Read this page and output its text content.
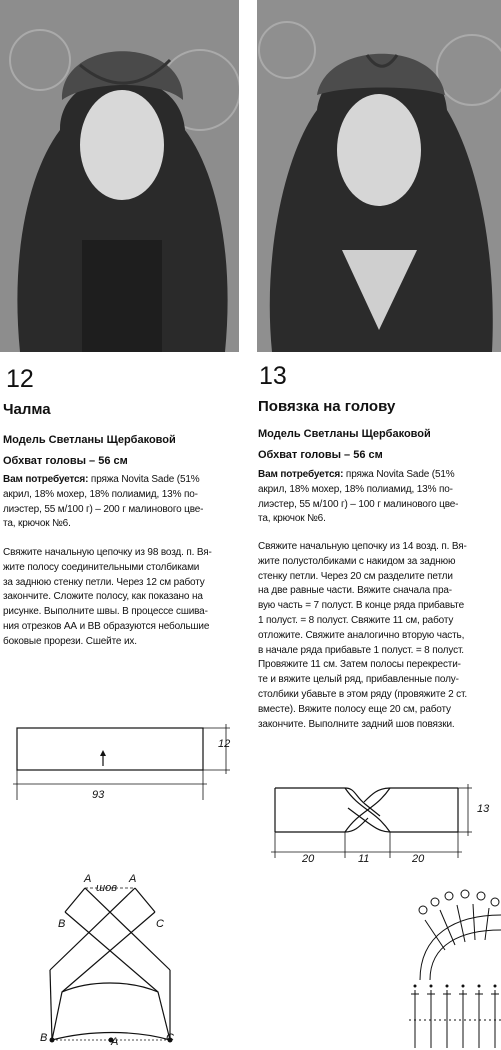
12
Чалма
Модель Светланы Щербаковой
Обхват головы – 56 см
Вам потребуется: пряжа Novita Sade (51%
акрил, 18% мохер, 18% полиамид, 13% по-
лиэстер, 55 м/100 г) – 200 г малинового цве-
та, крючок №6.
Свяжите начальную цепочку из 98 возд. п. Вя-
жите полосу соединительными столбиками
за заднюю стенку петли. Через 12 см работу
закончите. Сложите полосу, как показано на
рисунке. Выполните швы. В процессе сшива-
ния отрезков АА и ВВ образуются небольшие
боковые прорези. Сшейте их.
12
93
A
шов
A
B	C
B	A	C
13
Повязка на голову
Модель Светланы Щербаковой
Обхват головы – 56 см
Вам потребуется: пряжа Novita Sade (51%
акрил, 18% мохер, 18% полиамид, 13% по-
лиэстер, 55 м/100 г) – 100 г малинового цве-
та, крючок №6.
Свяжите начальную цепочку из 14 возд. п. Вя-
жите полустолбиками с накидом за заднюю
стенку петли. Через 20 см разделите петли
на две равные части. Вяжите сначала пра-
вую часть = 7 полуст. В конце ряда прибавьте
1 полуст. = 8 полуст. Свяжите 11 см, работу
отложите. Свяжите аналогично вторую часть,
в начале ряда прибавьте 1 полуст. = 8 полуст.
Провяжите 11 см. Затем полосы перекрести-
те и вяжите целый ряд, прибавленные полу-
столбики убавьте в этом ряду (провяжите 2 ст.
вместе). Вяжите полосу еще 20 см, работу
закончите. Выполните задний шов повязки.
13
20	11	20
